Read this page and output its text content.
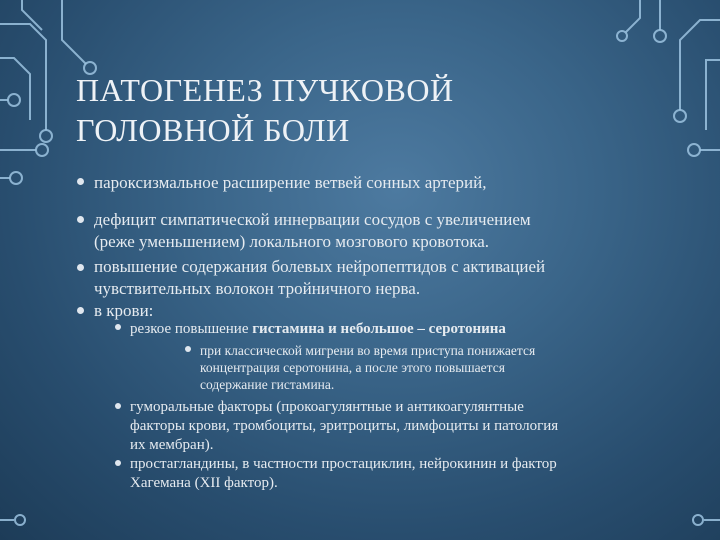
ПАТОГЕНЕЗ ПУЧКОВОЙ
ГОЛОВНОЙ БОЛИ

пароксизмальное расширение ветвей сонных артерий,

дефицит симпатической иннервации сосудов с увеличением
(реже уменьшением) локального мозгового кровотока.

повышение содержания болевых нейропептидов с активацией
чувствительных волокон тройничного нерва.

в крови:

резкое повышение гистамина и небольшое – серотонина

при классической мигрени во время приступа понижается
концентрация серотонина, а после этого повышается
содержание гистамина.

гуморальные факторы (прокоагулянтные и антикоагулянтные
факторы крови, тромбоциты, эритроциты, лимфоциты и патология
их мембран).

простагландины, в частности простациклин, нейрокинин и фактор
Хагемана (XII фактор).
